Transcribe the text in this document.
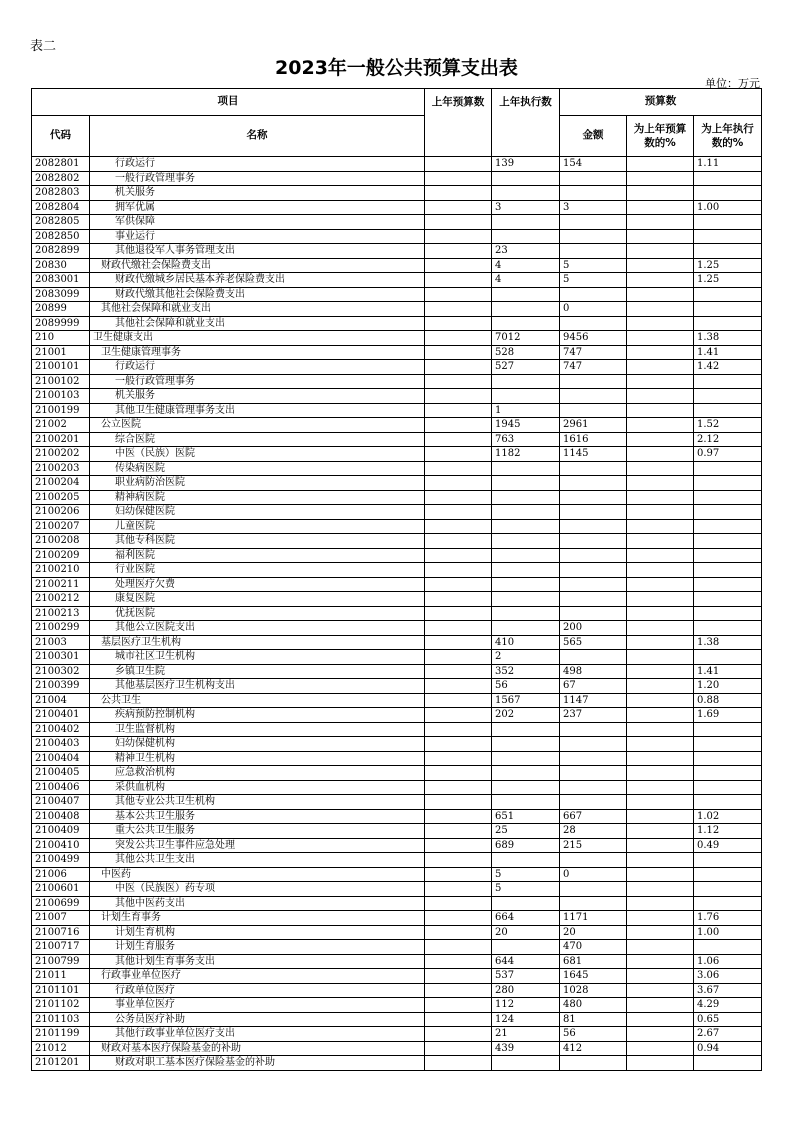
表二
2023年一般公共预算支出表
单位：万元
项目		上年预算数	上年执行数	预算数		
代码	名称			金额	为上年预算数的%	为上年执行数的%
2082801	行政运行		139	154		1.11
2082802	一般行政管理事务					
2082803	机关服务					
2082804	拥军优属		3	3		1.00
2082805	军供保障					
2082850	事业运行					
2082899	其他退役军人事务管理支出		23			
20830	财政代缴社会保险费支出		4	5		1.25
2083001	财政代缴城乡居民基本养老保险费支出		4	5		1.25
2083099	财政代缴其他社会保险费支出					
20899	其他社会保障和就业支出			0		
2089999	其他社会保障和就业支出					
210	卫生健康支出		7012	9456		1.38
21001	卫生健康管理事务		528	747		1.41
2100101	行政运行		527	747		1.42
2100102	一般行政管理事务					
2100103	机关服务					
2100199	其他卫生健康管理事务支出		1			
21002	公立医院		1945	2961		1.52
2100201	综合医院		763	1616		2.12
2100202	中医（民族）医院		1182	1145		0.97
2100203	传染病医院					
2100204	职业病防治医院					
2100205	精神病医院					
2100206	妇幼保健医院					
2100207	儿童医院					
2100208	其他专科医院					
2100209	福利医院					
2100210	行业医院					
2100211	处理医疗欠费					
2100212	康复医院					
2100213	优抚医院					
2100299	其他公立医院支出			200		
21003	基层医疗卫生机构		410	565		1.38
2100301	城市社区卫生机构		2			
2100302	乡镇卫生院		352	498		1.41
2100399	其他基层医疗卫生机构支出		56	67		1.20
21004	公共卫生		1567	1147		0.88
2100401	疾病预防控制机构		202	237		1.69
2100402	卫生监督机构					
2100403	妇幼保健机构					
2100404	精神卫生机构					
2100405	应急救治机构					
2100406	采供血机构					
2100407	其他专业公共卫生机构					
2100408	基本公共卫生服务		651	667		1.02
2100409	重大公共卫生服务		25	28		1.12
2100410	突发公共卫生事件应急处理		689	215		0.49
2100499	其他公共卫生支出					
21006	中医药		5	0		
2100601	中医（民族医）药专项		5			
2100699	其他中医药支出					
21007	计划生育事务		664	1171		1.76
2100716	计划生育机构		20	20		1.00
2100717	计划生育服务			470		
2100799	其他计划生育事务支出		644	681		1.06
21011	行政事业单位医疗		537	1645		3.06
2101101	行政单位医疗		280	1028		3.67
2101102	事业单位医疗		112	480		4.29
2101103	公务员医疗补助		124	81		0.65
2101199	其他行政事业单位医疗支出		21	56		2.67
21012	财政对基本医疗保险基金的补助		439	412		0.94
2101201	财政对职工基本医疗保险基金的补助					
